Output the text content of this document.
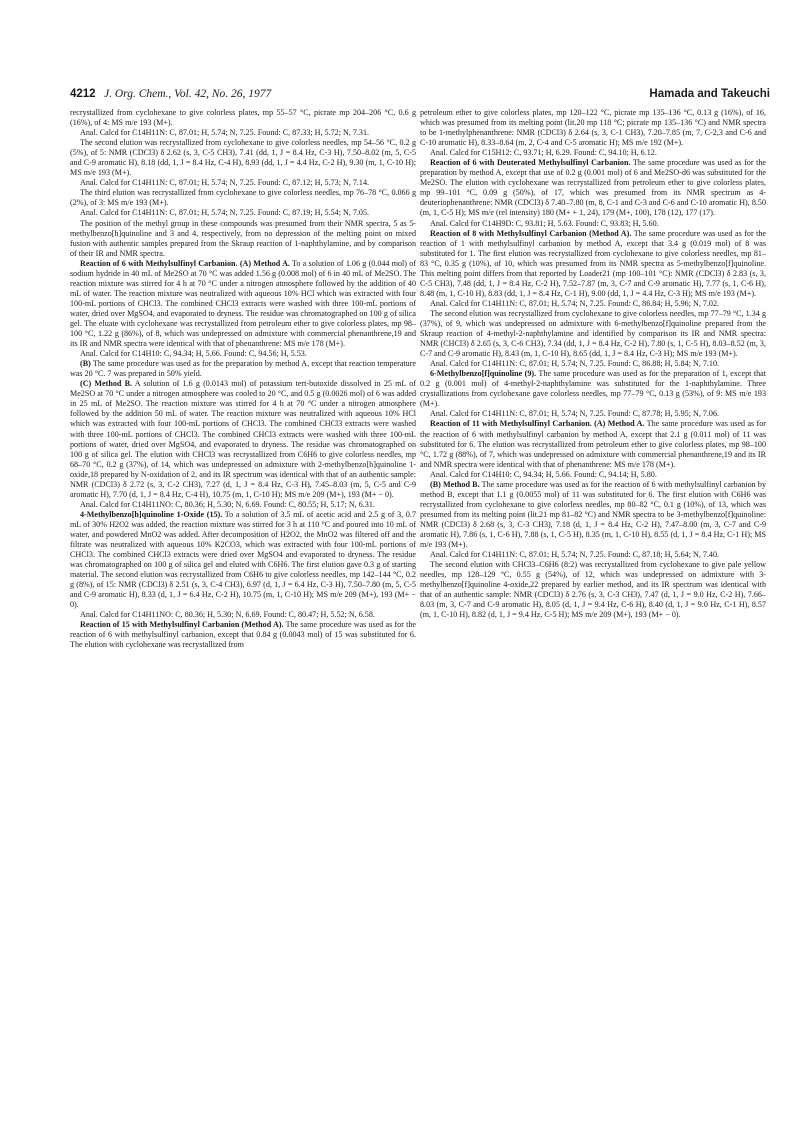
4212 J. Org. Chem., Vol. 42, No. 26, 1977	Hamada and Takeuchi

recrystallized from cyclohexane to give colorless plates, mp 55–57 °C, picrate mp 204–206 °C, 0.6 g (16%), of 4: MS m/e 193 (M+).

Anal. Calcd for C14H11N: C, 87.01; H, 5.74; N, 7.25. Found: C, 87.33; H, 5.72; N, 7.31.

The second elution was recrystallized from cyclohexane to give colorless needles, mp 54–56 °C, 0.2 g (5%), of 5: NMR (CDCl3) δ 2.62 (s, 3, C-5 CH3), 7.41 (dd, 1, J = 8.4 Hz, C-3 H), 7.50–8.02 (m, 5, C-5 and C-9 aromatic H), 8.18 (dd, 1, J = 8.4 Hz, C-4 H), 8.93 (dd, 1, J = 4.4 Hz, C-2 H), 9.30 (m, 1, C-10 H); MS m/e 193 (M+).

Anal. Calcd for C14H11N: C, 87.01; H, 5.74; N, 7.25. Found: C, 87.12; H, 5.73; N, 7.14.

The third elution was recrystallized from cyclohexane to give colorless needles, mp 76–78 °C, 0.066 g (2%), of 3: MS m/e 193 (M+).

Anal. Calcd for C14H11N: C, 87.01; H, 5.74; N, 7.25. Found: C, 87.19; H, 5.54; N, 7.05.

The position of the methyl group in these compounds was presumed from their NMR spectra, 5 as 5-methylbenzo[h]quinoline and 3 and 4, respectively, from no depression of the melting point on mixed fusion with authentic samples prepared from the Skraup reaction of 1-naphthylamine, and by comparison of their IR and NMR spectra.

Reaction of 6 with Methylsulfinyl Carbanion. (A) Method A. To a solution of 1.06 g (0.044 mol) of sodium hydride in 40 mL of Me2SO at 70 °C was added 1.56 g (0.008 mol) of 6 in 40 mL of Me2SO. The reaction mixture was stirred for 4 h at 70 °C under a nitrogen atmosphere followed by the addition of 40 mL of water. The reaction mixture was neutralized with aqueous 10% HCl which was extracted with four 100-mL portions of CHCl3. The combined CHCl3 extracts were washed with three 100-mL portions of water, dried over MgSO4, and evaporated to dryness. The residue was chromatographed on 100 g of silica gel. The eluate with cyclohexane was recrystallized from petroleum ether to give colorless plates, mp 98–100 °C, 1.22 g (86%), of 8, which was undepressed on admixture with commercial phenanthrene,19 and its IR and NMR spectra were identical with that of phenanthrene: MS m/e 178 (M+).

Anal. Calcd for C14H10: C, 94.34; H, 5.66. Found: C, 94.56; H, 5.53.

(B) The same procedure was used as for the preparation by method A, except that reaction temperature was 20 °C. 7 was prepared in 50% yield.

(C) Method B. A solution of 1.6 g (0.0143 mol) of potassium tert-butoxide dissolved in 25 mL of Me2SO at 70 °C under a nitrogen atmosphere was cooled to 20 °C, and 0.5 g (0.0026 mol) of 6 was added in 25 mL of Me2SO. The reaction mixture was stirred for 4 h at 70 °C under a nitrogen atmosphere followed by the addition 50 mL of water. The reaction mixture was neutralized with aqueous 10% HCl which was extracted with four 100-mL portions of CHCl3. The combined CHCl3 extracts were washed with three 100-mL portions of CHCl3. The combined CHCl3 extracts were washed with three 100-mL portions of water, dried over MgSO4, and evaporated to dryness. The residue was chromatographed on 100 g of silica gel. The elution with CHCl3 was recrystallized from C6H6 to give colorless needles, mp 68–70 °C, 0.2 g (37%), of 14, which was undepressed on admixture with 2-methylbenzo[h]quinoline 1-oxide,18 prepared by N-oxidation of 2, and its IR spectrum was identical with that of an authentic sample: NMR (CDCl3) δ 2.72 (s, 3, C-2 CH3), 7.27 (d, 1, J = 8.4 Hz, C-3 H), 7.45–8.03 (m, 5, C-5 and C-9 aromatic H), 7.70 (d, 1, J = 8.4 Hz, C-4 H), 10.75 (m, 1, C-10 H); MS m/e 209 (M+), 193 (M+ − 0).

Anal. Calcd for C14H11NO: C, 80.36; H, 5.30; N, 6.69. Found: C, 80.55; H, 5.17; N, 6.31.

4-Methylbenzo[h]quinoline 1-Oxide (15). To a solution of 3.5 mL of acetic acid and 2.5 g of 3, 0.7 mL of 30% H2O2 was added, the reaction mixture was stirred for 3 h at 110 °C and poured into 10 mL of water, and powdered MnO2 was added. After decomposition of H2O2, the MnO2 was filtered off and the filtrate was neutralized with aqueous 10% K2CO3, which was extracted with four 100-mL portions of CHCl3. The combined CHCl3 extracts were dried over MgSO4 and evaporated to dryness. The residue was chromatographed on 100 g of silica gel and eluted with C6H6. The first elution gave 0.3 g of starting material. The second elution was recrystallized from C6H6 to give colorless needles, mp 142–144 °C, 0.2 g (8%), of 15: NMR (CDCl3) δ 2.51 (s, 3, C-4 CH3), 6.97 (d, 1, J = 6.4 Hz, C-3 H), 7.50–7.80 (m, 5, C-5 and C-9 aromatic H), 8.33 (d, 1, J = 6.4 Hz, C-2 H), 10.75 (m, 1, C-10 H); MS m/e 209 (M+), 193 (M+ − 0).

Anal. Calcd for C14H11NO: C, 80.36; H, 5.30; N, 6.69. Found: C, 80.47; H, 5.52; N, 6.58.

Reaction of 15 with Methylsulfinyl Carbanion (Method A). The same procedure was used as for the reaction of 6 with methylsulfinyl carbanion, except that 0.84 g (0.0043 mol) of 15 was substituted for 6. The elution with cyclohexane was recrystallized from

petroleum ether to give colorless plates, mp 120–122 °C, picrate mp 135–136 °C, 0.13 g (16%), of 16, which was presumed from its melting point (lit.20 mp 118 °C; picrate mp 135–136 °C) and NMR spectra to be 1-methylphenanthrene: NMR (CDCl3) δ 2.64 (s, 3, C-1 CH3), 7.20–7.85 (m, 7, C-2,3 and C-6 and C-10 aromatic H), 8.33–8.64 (m, 2, C-4 and C-5 aromatic H); MS m/e 192 (M+).

Anal. Calcd for C15H12: C, 93.71; H, 6.29. Found: C, 94.10; H, 6.12.

Reaction of 6 with Deuterated Methylsulfinyl Carbanion. The same procedure was used as for the preparation by method A, except that use of 0.2 g (0.001 mol) of 6 and Me2SO-d6 was substituted for the Me2SO. The elution with cyclohexane was recrystallized from petroleum ether to give colorless plates, mp 99–101 °C, 0.09 g (50%), of 17, which was presumed from its NMR spectrum as 4-deuteriophenanthrene: NMR (CDCl3) δ 7.40–7.80 (m, 8, C-1 and C-3 and C-6 and C-10 aromatic H), 8.50 (m, 1, C-5 H); MS m/e (rel intensity) 180 (M+ + 1, 24), 179 (M+, 100), 178 (12), 177 (17).

Anal. Calcd for C14H9D: C, 93.81; H, 5.63. Found: C, 93.83; H, 5.60.

Reaction of 8 with Methylsulfinyl Carbanion (Method A). The same procedure was used as for the reaction of 1 with methylsulfinyl carbanion by method A, except that 3.4 g (0.019 mol) of 8 was substituted for 1. The first elution was recrystallized from cyclohexane to give colorless needles, mp 81–83 °C, 0.35 g (10%), of 10, which was presumed from its NMR spectra as 5-methylbenzo[f]quinoline. This melting point differs from that reported by Loader21 (mp 100–101 °C): NMR (CDCl3) δ 2.83 (s, 3, C-5 CH3), 7.48 (dd, 1, J = 8.4 Hz, C-2 H), 7.52–7.87 (m, 3, C-7 and C-9 aromatic H), 7.77 (s, 1, C-6 H), 8.48 (m, 1, C-10 H), 8.83 (dd, 1, J = 8.4 Hz, C-1 H), 9.00 (dd, 1, J = 4.4 Hz, C-3 H); MS m/e 193 (M+).

Anal. Calcd for C14H11N: C, 87.01; H, 5.74; N, 7.25. Found: C, 86.84; H, 5.96; N, 7.02.

The second elution was recrystallized from cyclohexane to give colorless needles, mp 77–79 °C, 1.34 g (37%), of 9, which was undepressed on admixture with 6-methylbenzo[f]quinoline prepared from the Skraup reaction of 4-methyl-2-naphthylamine and identified by comparison its IR and NMR spectra: NMR (CHCl3) δ 2.65 (s, 3, C-6 CH3), 7.34 (dd, 1, J = 8.4 Hz, C-2 H), 7.80 (s, 1, C-5 H), 8.03–8.52 (m, 3, C-7 and C-9 aromatic H), 8.43 (m, 1, C-10 H), 8.65 (dd, 1, J = 8.4 Hz, C-3 H); MS m/e 193 (M+).

Anal. Calcd for C14H11N: C, 87.01; H, 5.74; N, 7.25. Found: C, 86.88; H, 5.84; N, 7.10.

6-Methylbenzo[f]quinoline (9). The same procedure was used as for the preparation of 1, except that 0.2 g (0.001 mol) of 4-methyl-2-naphthylamine was substituted for the 1-naphthylamine. Three crystallizations from cyclohexane gave colorless needles, mp 77–79 °C, 0.13 g (53%), of 9: MS m/e 193 (M+).

Anal. Calcd for C14H11N: C, 87.01; H, 5.74; N, 7.25. Found: C, 87.78; H, 5.95; N, 7.06.

Reaction of 11 with Methylsulfinyl Carbanion. (A) Method A. The same procedure was used as for the reaction of 6 with methylsulfinyl carbanion by method A, except that 2.1 g (0.011 mol) of 11 was substituted for 6. The elution was recrystallized from petroleum ether to give colorless plates, mp 98–100 °C, 1.72 g (88%), of 7, which was undepressed on admixture with commercial phenanthrene,19 and its IR and NMR spectra were identical with that of phenanthrene: MS m/e 178 (M+).

Anal. Calcd for C14H10: C, 94.34; H, 5.66. Found: C, 94.14; H, 5.80.

(B) Method B. The same procedure was used as for the reaction of 6 with methylsulfinyl carbanion by method B, except that 1.1 g (0.0055 mol) of 11 was substituted for 6. The first elution with C6H6 was recrystallized from cyclohexane to give colorless needles, mp 80–82 °C, 0.1 g (10%), of 13, which was presumed from its melting point (lit.21 mp 81–82 °C) and NMR spectra to be 3-methylbenzo[f]quinoline: NMR (CDCl3) δ 2.68 (s, 3, C-3 CH3), 7.18 (d, 1, J = 8.4 Hz, C-2 H), 7.47–8.00 (m, 3, C-7 and C-9 aromatic H), 7.86 (s, 1, C-6 H), 7.88 (s, 1, C-5 H), 8.35 (m, 1, C-10 H), 8.55 (d, 1, J = 8.4 Hz, C-1 H); MS m/e 193 (M+).

Anal. Calcd for C14H11N: C, 87.01; H, 5.74; N, 7.25. Found: C, 87.18; H, 5.64; N, 7.40.

The second elution with CHCl3–C6H6 (8:2) was recrystallized from cyclohexane to give pale yellow needles, mp 128–129 °C, 0.55 g (54%), of 12, which was undepressed on admixture with 3-methylbenzo[f]quinoline 4-oxide,22 prepared by earlier method, and its IR spectrum was identical with that of an authentic sample: NMR (CDCl3) δ 2.76 (s, 3, C-3 CH3), 7.47 (d, 1, J = 9.0 Hz, C-2 H), 7.66–8.03 (m, 3, C-7 and C-9 aromatic H), 8.05 (d, 1, J = 9.4 Hz, C-6 H), 8.40 (d, 1, J = 9.0 Hz, C-1 H), 8.57 (m, 1, C-10 H), 8.82 (d, 1, J = 9.4 Hz, C-5 H); MS m/e 209 (M+), 193 (M+ − 0).
